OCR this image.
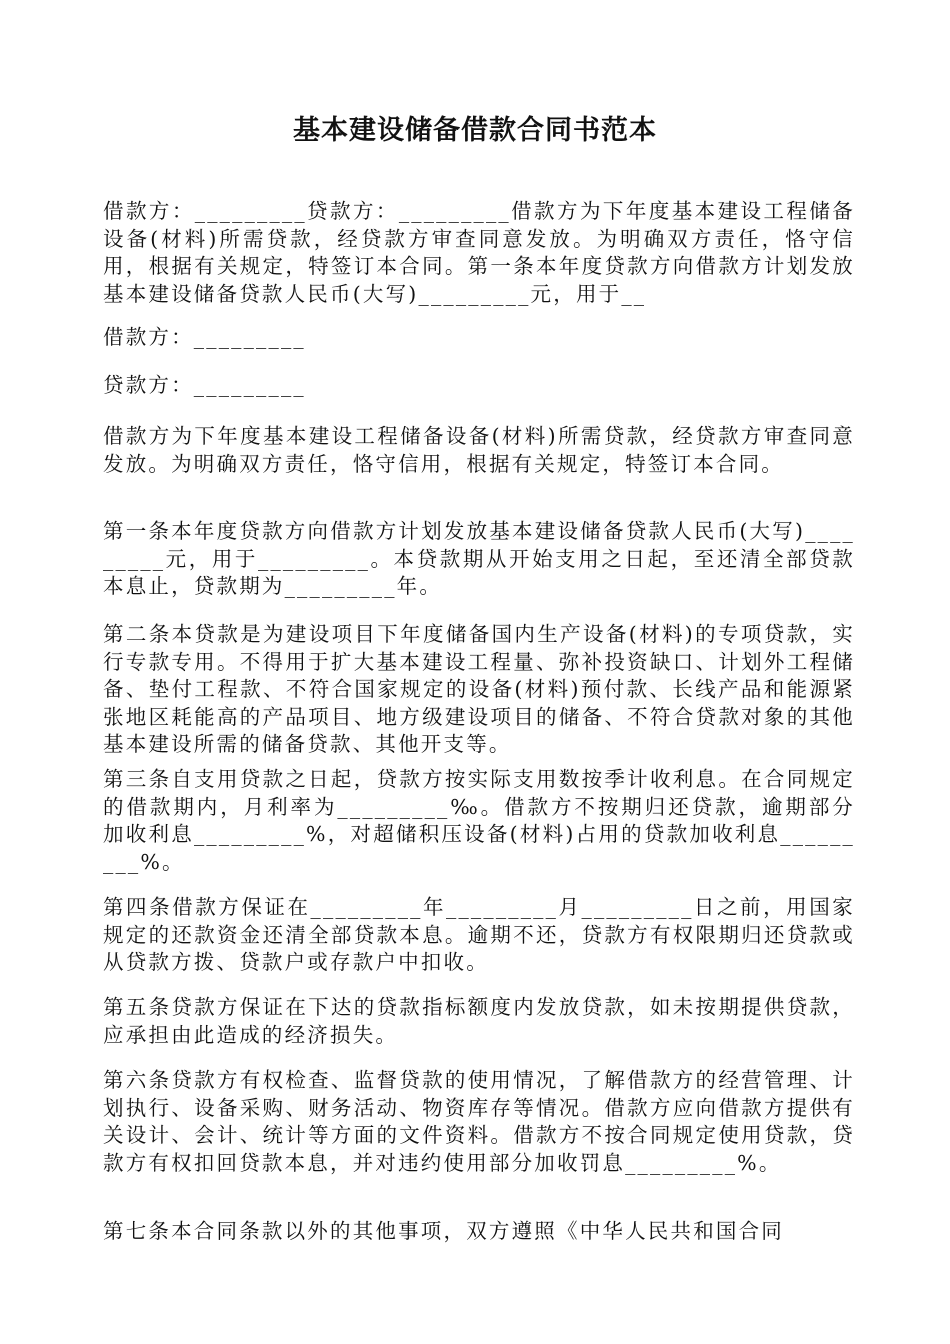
基本建设储备借款合同书范本

借款方：_________贷款方：_________借款方为下年度基本建设工程储备设备(材料)所需贷款，经贷款方审查同意发放。为明确双方责任，恪守信用，根据有关规定，特签订本合同。第一条本年度贷款方向借款方计划发放基本建设储备贷款人民币(大写)_________元，用于__

借款方：_________

贷款方：_________

借款方为下年度基本建设工程储备设备(材料)所需贷款，经贷款方审查同意发放。为明确双方责任，恪守信用，根据有关规定，特签订本合同。

第一条本年度贷款方向借款方计划发放基本建设储备贷款人民币(大写)_________元，用于_________。本贷款期从开始支用之日起，至还清全部贷款本息止，贷款期为_________年。

第二条本贷款是为建设项目下年度储备国内生产设备(材料)的专项贷款，实行专款专用。不得用于扩大基本建设工程量、弥补投资缺口、计划外工程储备、垫付工程款、不符合国家规定的设备(材料)预付款、长线产品和能源紧张地区耗能高的产品项目、地方级建设项目的储备、不符合贷款对象的其他基本建设所需的储备贷款、其他开支等。

第三条自支用贷款之日起，贷款方按实际支用数按季计收利息。在合同规定的借款期内，月利率为_________‰。借款方不按期归还贷款，逾期部分加收利息_________%，对超储积压设备(材料)占用的贷款加收利息_________%。

第四条借款方保证在_________年_________月_________日之前，用国家规定的还款资金还清全部贷款本息。逾期不还，贷款方有权限期归还贷款或从贷款方拨、贷款户或存款户中扣收。

第五条贷款方保证在下达的贷款指标额度内发放贷款，如未按期提供贷款，应承担由此造成的经济损失。

第六条贷款方有权检查、监督贷款的使用情况，了解借款方的经营管理、计划执行、设备采购、财务活动、物资库存等情况。借款方应向借款方提供有关设计、会计、统计等方面的文件资料。借款方不按合同规定使用贷款，贷款方有权扣回贷款本息，并对违约使用部分加收罚息_________%。

第七条本合同条款以外的其他事项，双方遵照《中华人民共和国合同
